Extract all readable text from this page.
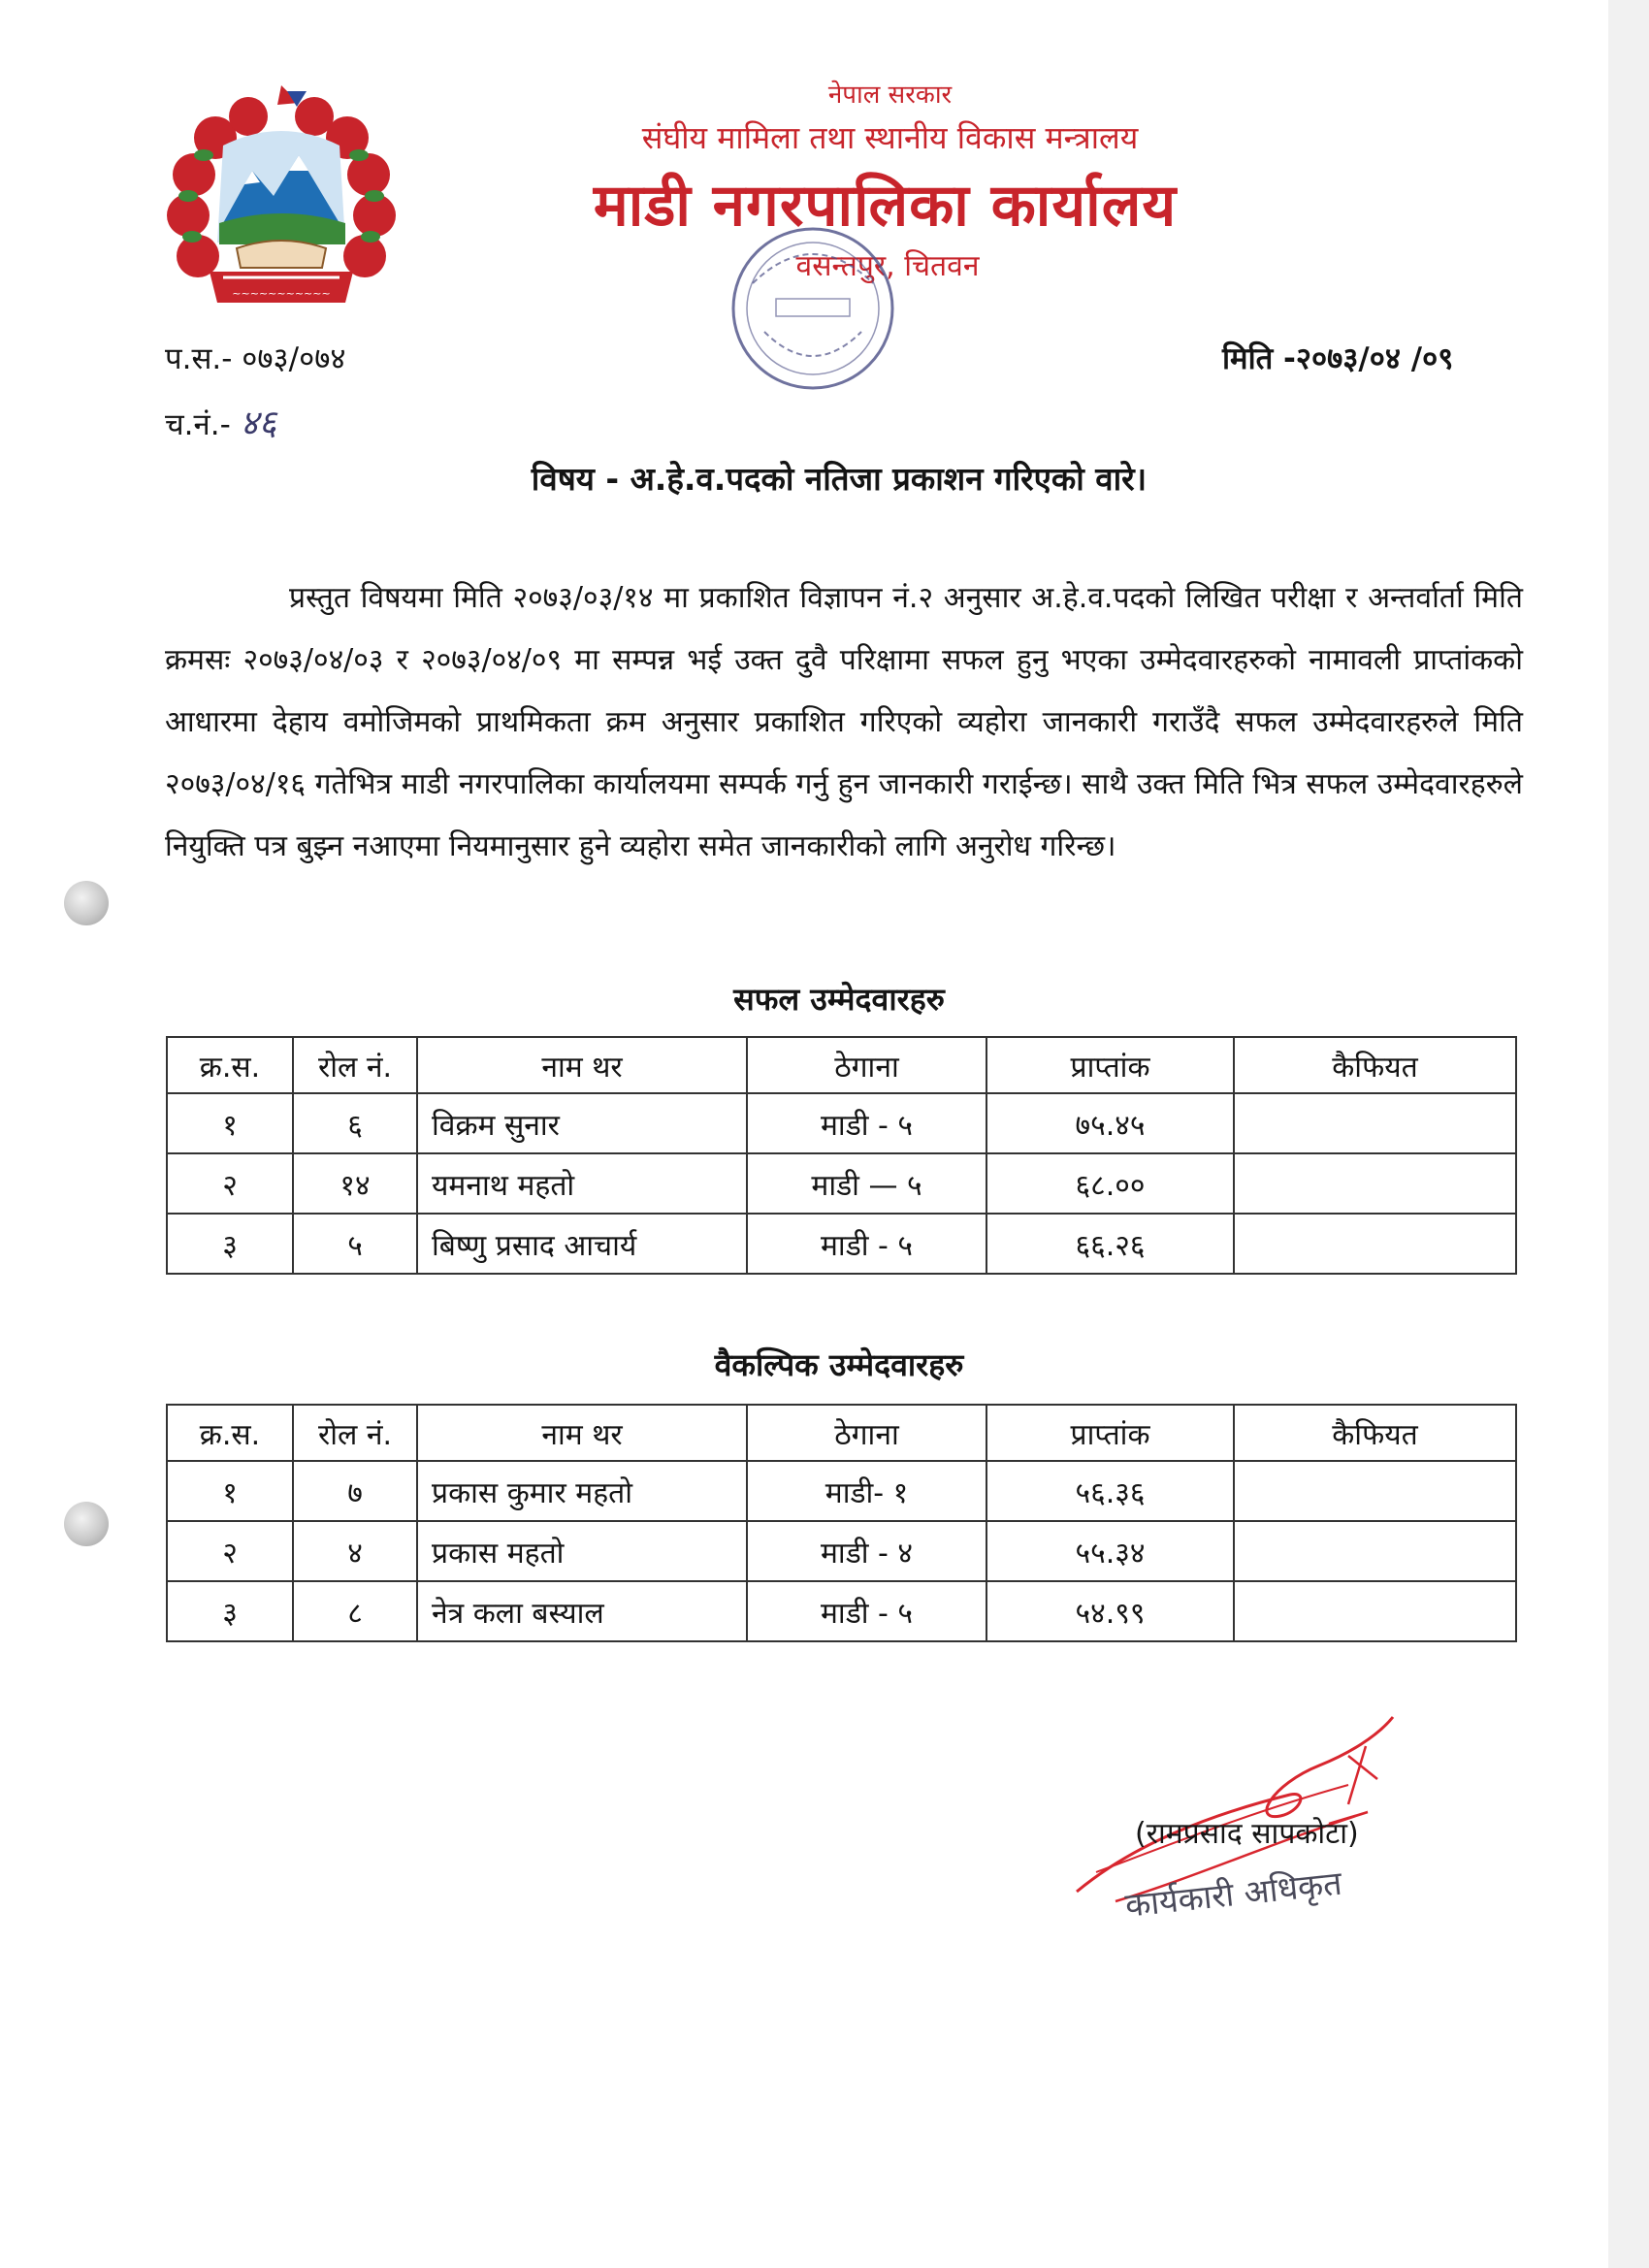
~~~~~~~~~~~
नेपाल सरकार
संघीय मामिला तथा स्थानीय विकास मन्त्रालय
माडी नगरपालिका कार्यालय
वसन्तपुर, चितवन
प.स.- ०७३/०७४
च.नं.- ४६
मिति -२०७३/०४ /०९
विषय - अ.हे.व.पदको नतिजा प्रकाशन गरिएको वारे।
प्रस्तुत विषयमा मिति २०७३/०३/१४ मा प्रकाशित विज्ञापन नं.२ अनुसार अ.हे.व.पदको लिखित परीक्षा र अन्तर्वार्ता मिति क्रमसः २०७३/०४/०३ र २०७३/०४/०९ मा सम्पन्न भई उक्त दुवै परिक्षामा सफल हुनु भएका उम्मेदवारहरुको नामावली प्राप्तांकको आधारमा देहाय वमोजिमको प्राथमिकता क्रम अनुसार प्रकाशित गरिएको व्यहोरा जानकारी गराउँदै सफल उम्मेदवारहरुले मिति २०७३/०४/१६ गतेभित्र माडी नगरपालिका कार्यालयमा सम्पर्क गर्नु हुन जानकारी गराईन्छ। साथै उक्त मिति भित्र सफल उम्मेदवारहरुले नियुक्ति पत्र बुझ्न नआएमा नियमानुसार हुने व्यहोरा समेत जानकारीको लागि अनुरोध गरिन्छ।
सफल उम्मेदवारहरु
क्र.स.	रोल नं.	नाम थर	ठेगाना	प्राप्तांक	कैफियत
१	६	विक्रम सुनार	माडी - ५	७५.४५	
२	१४	यमनाथ महतो	माडी — ५	६८.००	
३	५	बिष्णु प्रसाद आचार्य	माडी - ५	६६.२६	
वैकल्पिक उम्मेदवारहरु
क्र.स.	रोल नं.	नाम थर	ठेगाना	प्राप्तांक	कैफियत
१	७	प्रकास कुमार महतो	माडी- १	५६.३६	
२	४	प्रकास महतो	माडी - ४	५५.३४	
३	८	नेत्र कला बस्याल	माडी - ५	५४.९९	
(रामप्रसाद सापकोटा)
कार्यकारी अधिकृत
